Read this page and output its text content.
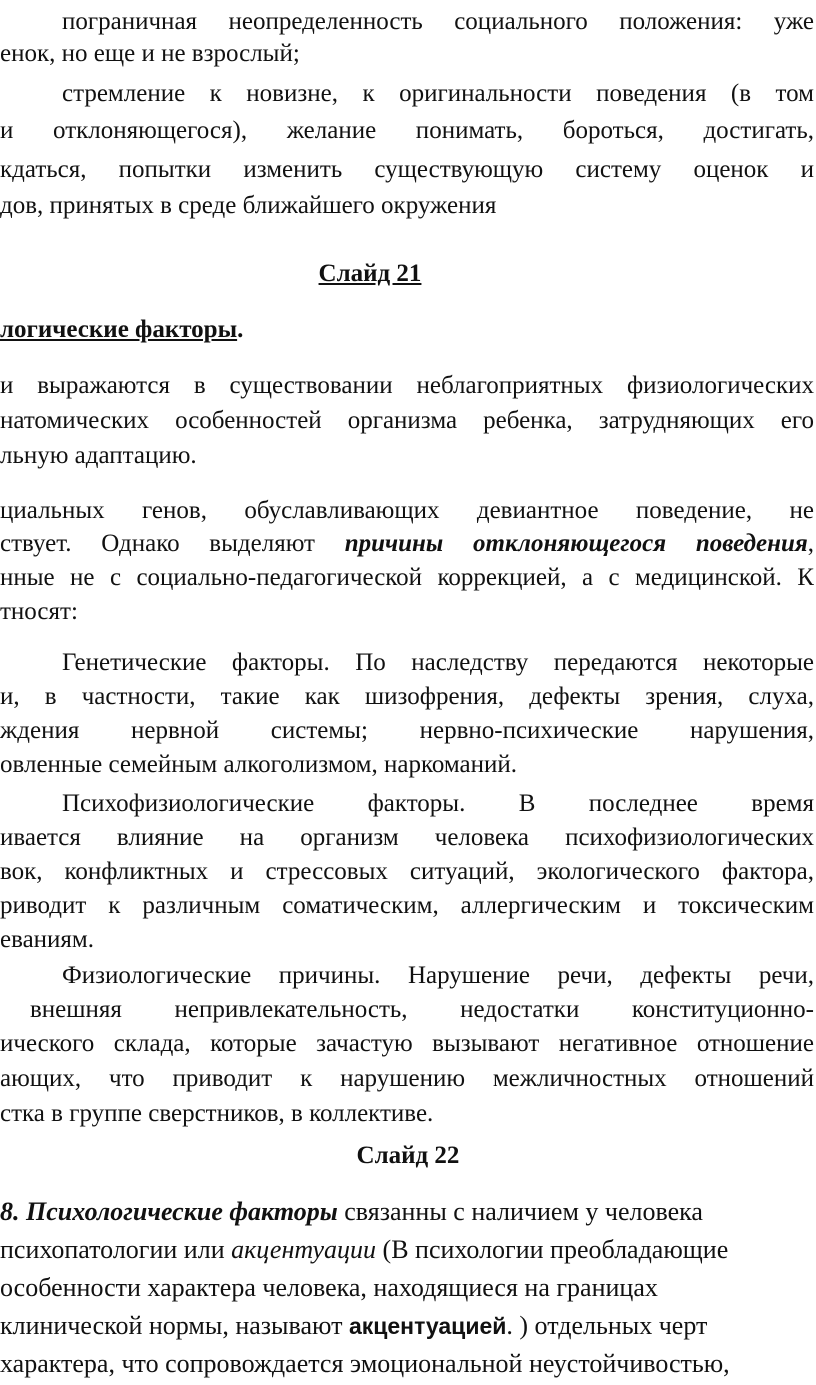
пограничная неопределенность социального положения: уже
енок, но еще и не взрослый;
стремление к новизне, к оригинальности поведения (в том
и отклоняющегося), желание понимать, бороться, достигать,
кдаться, попытки изменить существующую систему оценок и
дов, принятых в среде ближайшего окружения
Слайд 21
логические факторы.
и выражаются в существовании неблагоприятных физиологических
натомических особенностей организма ребенка, затрудняющих его
льную адаптацию.
циальных генов, обуславливающих девиантное поведение, не
ствует. Однако выделяют причины отклоняющегося поведения,
нные не с социально-педагогической коррекцией, а с медицинской. К
тносят:
Генетические факторы. По наследству передаются некоторые
и, в частности, такие как шизофрения, дефекты зрения, слуха,
ждения нервной системы; нервно-психические нарушения,
овленные семейным алкоголизмом, наркоманий.
Психофизиологические факторы. В последнее время
ивается влияние на организм человека психофизиологических
вок, конфликтных и стрессовых ситуаций, экологического фактора,
риводит к различным соматическим, аллергическим и токсическим
еваниям.
Физиологические причины. Нарушение речи, дефекты речи,
внешняя непривлекательность, недостатки конституционно-
ического склада, которые зачастую вызывают негативное отношение
ающих, что приводит к нарушению межличностных отношений
стка в группе сверстников, в коллективе.
Слайд 22
8. Психологические факторы связанны с наличием у человека
психопатологии или акцентуации (В психологии преобладающие
особенности характера человека, находящиеся на границах
клинической нормы, называют акцентуацией. ) отдельных черт
характера, что сопровождается эмоциональной неустойчивостью,
